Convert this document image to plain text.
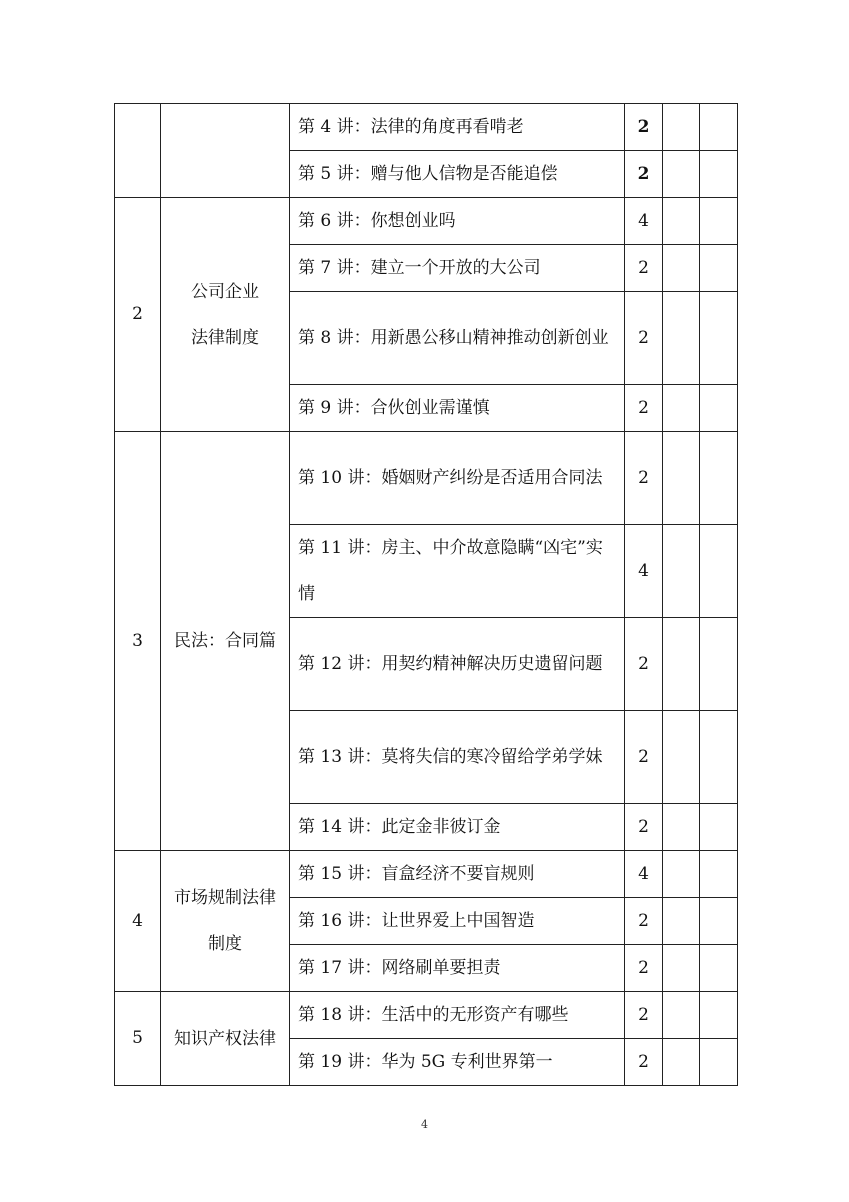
		第 4 讲：法律的角度再看啃老	2		
		第 5 讲：赠与他人信物是否能追偿	2		
2	公司企业法律制度	第 6 讲：你想创业吗	4		
		第 7 讲：建立一个开放的大公司	2		

		第 8 讲：用新愚公移山精神推动创新创业	2		
		第 9 讲：合伙创业需谨慎	2		
3	民法：合同篇	第 10 讲：婚姻财产纠纷是否适用合同法	2		

		第 11 讲：房主、中介故意隐瞒“凶宅”实情	4		

		第 12 讲：用契约精神解决历史遗留问题	2		

		第 13 讲：莫将失信的寒冷留给学弟学妹	2		
		第 14 讲：此定金非彼订金	2		
4	市场规制法律制度	第 15 讲：盲盒经济不要盲规则	4		
		第 16 讲：让世界爱上中国智造	2		
		第 17 讲：网络刷单要担责	2		
5	知识产权法律	第 18 讲：生活中的无形资产有哪些	2		
		第 19 讲：华为 5G 专利世界第一	2		
4
